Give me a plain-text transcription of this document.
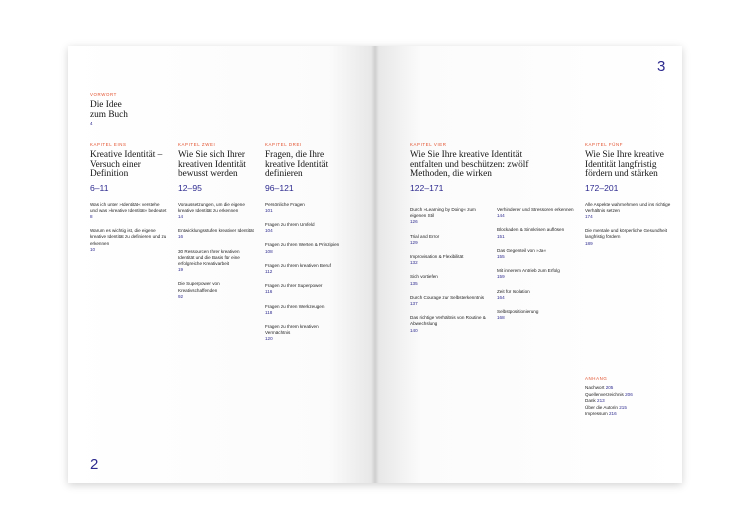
VORWORT
Die Idee zum Buch
4
KAPITEL EINS
Kreative Identität – Versuch einer Definition
6–11
Was ich unter »Identität« verstehe und was »kreative Identität« bedeutet
8
Warum es wichtig ist, die eigene kreative Identität zu definieren und zu erkennen
10
KAPITEL ZWEI
Wie Sie sich Ihrer kreativen Identität bewusst werden
12–95
Voraussetzungen, um die eigene kreative Identität zu erkennen
14
Entwicklungsstufen kreativer Identität
16
30 Ressourcen Ihrer kreativen Identität und die Basis für eine erfolgreiche Kreativarbeit
19
Die Superpower von Kreativschaffenden
92
KAPITEL DREI
Fragen, die Ihre kreative Identität definieren
96–121
Persönliche Fragen
101
Fragen zu Ihrem Umfeld
104
Fragen zu Ihren Werten & Prinzipien
108
Fragen zu Ihrem kreativen Beruf
112
Fragen zu Ihrer Superpower
116
Fragen zu Ihren Werkzeugen
118
Fragen zu Ihrem kreativen Vermächtnis
120
2
3
KAPITEL VIER
Wie Sie Ihre kreative Identität entfalten und beschützen: zwölf Methoden, die wirken
122–171
Durch »Learning by Doing« zum eigenen Stil
126
Trial and Error
129
Improvisation & Flexibilität
132
Sich vortiefen
135
Durch Courage zur Selbsterkenntnis
137
Das richtige Verhältnis von Routine & Abwechslung
140
Verhinderer und Stressoren erkennen
144
Blockaden & Sinnkrisen auflösen
151
Das Gegenteil von »Ja«
155
Mit innerem Antrieb zum Erfolg
159
Zeit für Isolation
164
Selbstpositionierung
168
KAPITEL FÜNF
Wie Sie Ihre kreative Identität langfristig fördern und stärken
172–201
Alle Aspekte wahrnehmen und ins richtige Verhältnis setzen
174
Die mentale und körperliche Gesundheit langfristig fördern
189
ANHANG
Nachwort 205
Quellenverzeichnis 206
Dank 213
Über die Autorin 215
Impressum 216
